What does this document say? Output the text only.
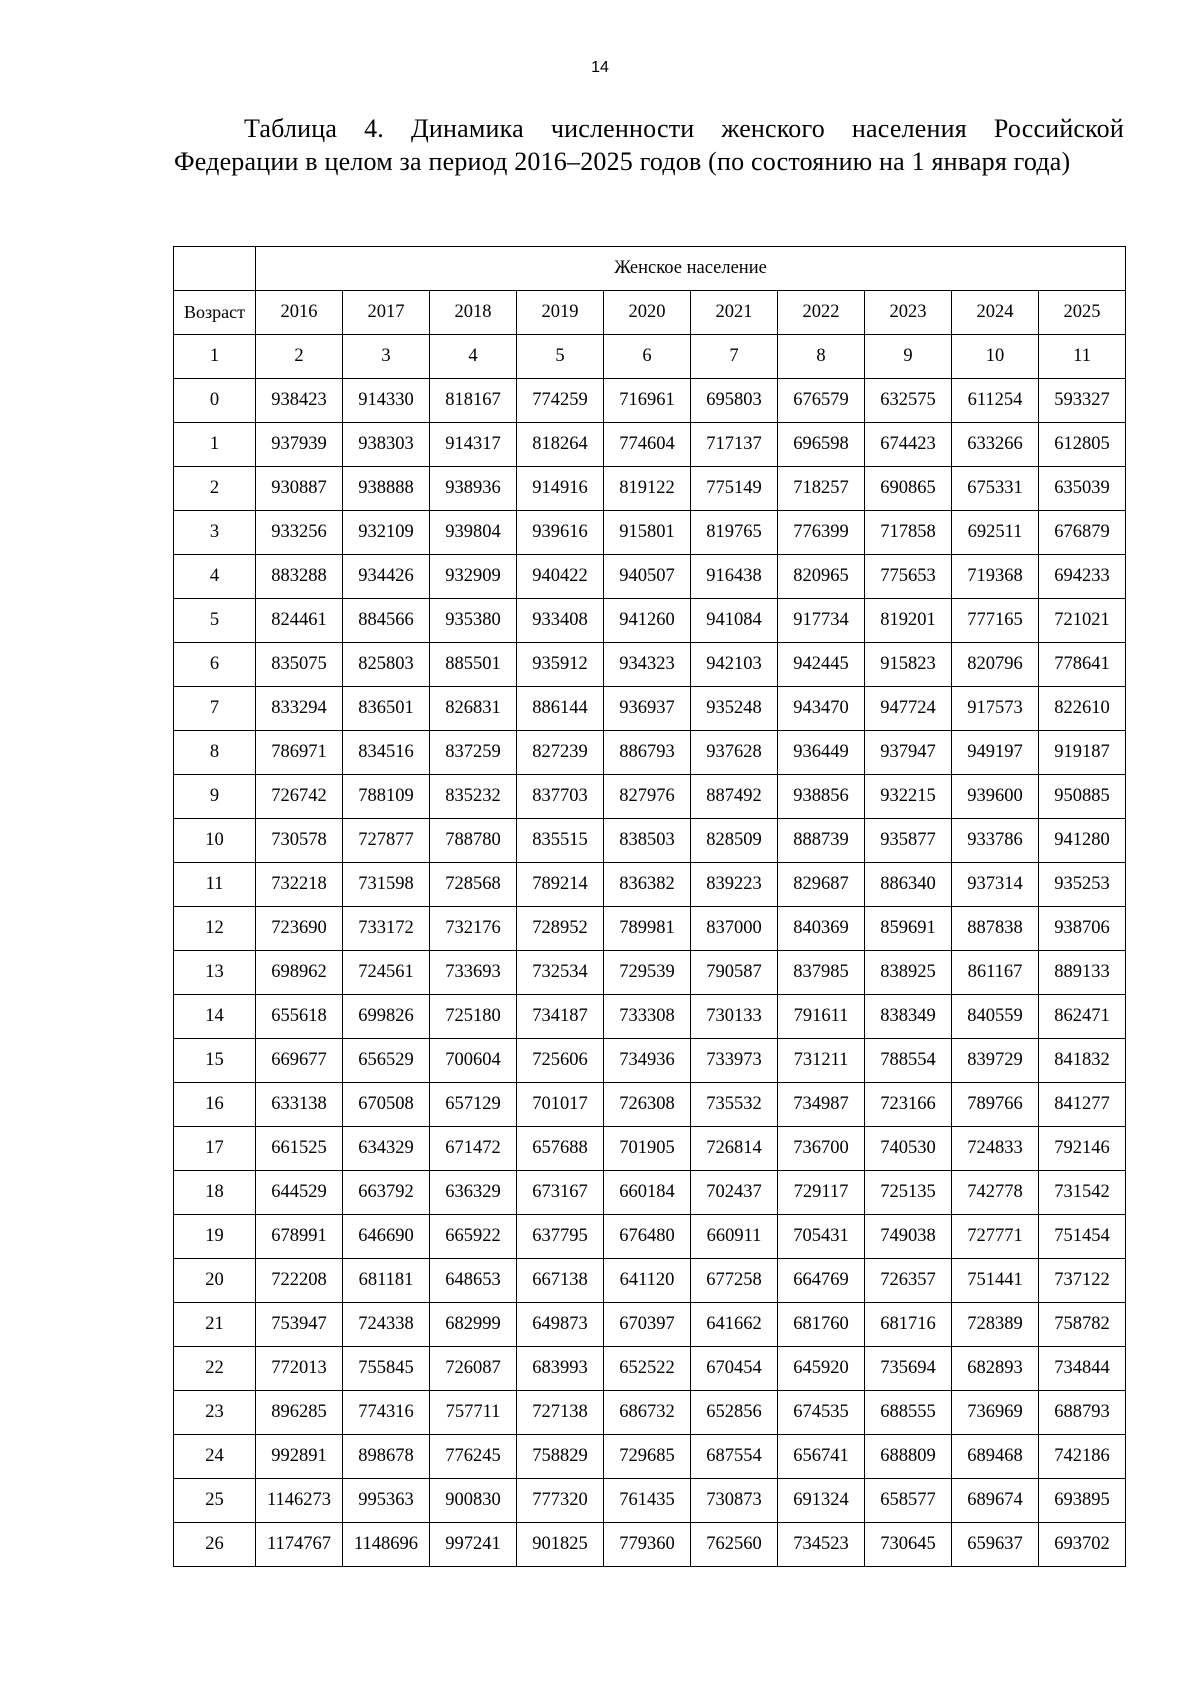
14
Таблица 4. Динамика численности женского населения Российской Федерации в целом за период 2016–2025 годов (по состоянию на 1 января года)
	Женское население									
Возраст	2016	2017	2018	2019	2020	2021	2022	2023	2024	2025
1	2	3	4	5	6	7	8	9	10	11
0	938423	914330	818167	774259	716961	695803	676579	632575	611254	593327
1	937939	938303	914317	818264	774604	717137	696598	674423	633266	612805
2	930887	938888	938936	914916	819122	775149	718257	690865	675331	635039
3	933256	932109	939804	939616	915801	819765	776399	717858	692511	676879
4	883288	934426	932909	940422	940507	916438	820965	775653	719368	694233
5	824461	884566	935380	933408	941260	941084	917734	819201	777165	721021
6	835075	825803	885501	935912	934323	942103	942445	915823	820796	778641
7	833294	836501	826831	886144	936937	935248	943470	947724	917573	822610
8	786971	834516	837259	827239	886793	937628	936449	937947	949197	919187
9	726742	788109	835232	837703	827976	887492	938856	932215	939600	950885
10	730578	727877	788780	835515	838503	828509	888739	935877	933786	941280
11	732218	731598	728568	789214	836382	839223	829687	886340	937314	935253
12	723690	733172	732176	728952	789981	837000	840369	859691	887838	938706
13	698962	724561	733693	732534	729539	790587	837985	838925	861167	889133
14	655618	699826	725180	734187	733308	730133	791611	838349	840559	862471
15	669677	656529	700604	725606	734936	733973	731211	788554	839729	841832
16	633138	670508	657129	701017	726308	735532	734987	723166	789766	841277
17	661525	634329	671472	657688	701905	726814	736700	740530	724833	792146
18	644529	663792	636329	673167	660184	702437	729117	725135	742778	731542
19	678991	646690	665922	637795	676480	660911	705431	749038	727771	751454
20	722208	681181	648653	667138	641120	677258	664769	726357	751441	737122
21	753947	724338	682999	649873	670397	641662	681760	681716	728389	758782
22	772013	755845	726087	683993	652522	670454	645920	735694	682893	734844
23	896285	774316	757711	727138	686732	652856	674535	688555	736969	688793
24	992891	898678	776245	758829	729685	687554	656741	688809	689468	742186
25	1146273	995363	900830	777320	761435	730873	691324	658577	689674	693895
26	1174767	1148696	997241	901825	779360	762560	734523	730645	659637	693702
